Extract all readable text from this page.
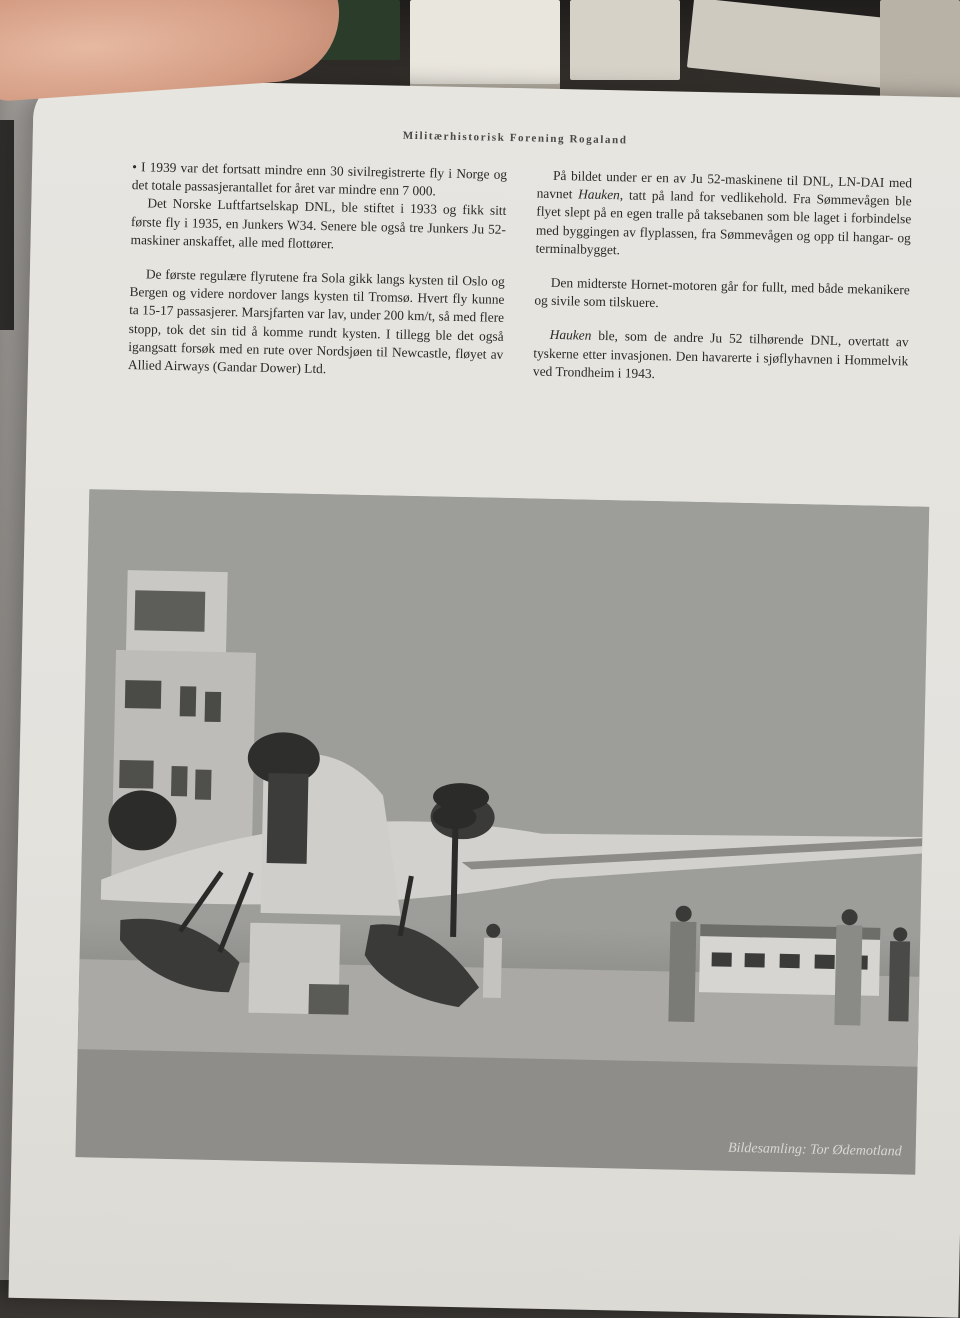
Militærhistorisk Forening Rogaland

• I 1939 var det fortsatt mindre enn 30 sivilregistrerte fly i Norge og det totale passasjerantallet for året var mindre enn 7 000.

Det Norske Luftfartselskap DNL, ble stiftet i 1933 og fikk sitt første fly i 1935, en Junkers W34. Senere ble også tre Junkers Ju 52-maskiner anskaffet, alle med flottører.

De første regulære flyrutene fra Sola gikk langs kysten til Oslo og Bergen og videre nordover langs kysten til Tromsø. Hvert fly kunne ta 15-17 passasjerer. Marsjfarten var lav, under 200 km/t, så med flere stopp, tok det sin tid å komme rundt kysten. I tillegg ble det også igangsatt forsøk med en rute over Nordsjøen til Newcastle, fløyet av Allied Airways (Gandar Dower) Ltd.

På bildet under er en av Ju 52-maskinene til DNL, LN-DAI med navnet Hauken, tatt på land for vedlikehold. Fra Sømmevågen ble flyet slept på en egen tralle på taksebanen som ble laget i forbindelse med byggingen av flyplassen, fra Sømmevågen og opp til hangar- og terminalbygget.

Den midterste Hornet-motoren går for fullt, med både mekanikere og sivile som tilskuere.

Hauken ble, som de andre Ju 52 tilhørende DNL, overtatt av tyskerne etter invasjonen. Den havarerte i sjøflyhavnen i Hommelvik ved Trondheim i 1943.

Bildesamling: Tor Ødemotland
